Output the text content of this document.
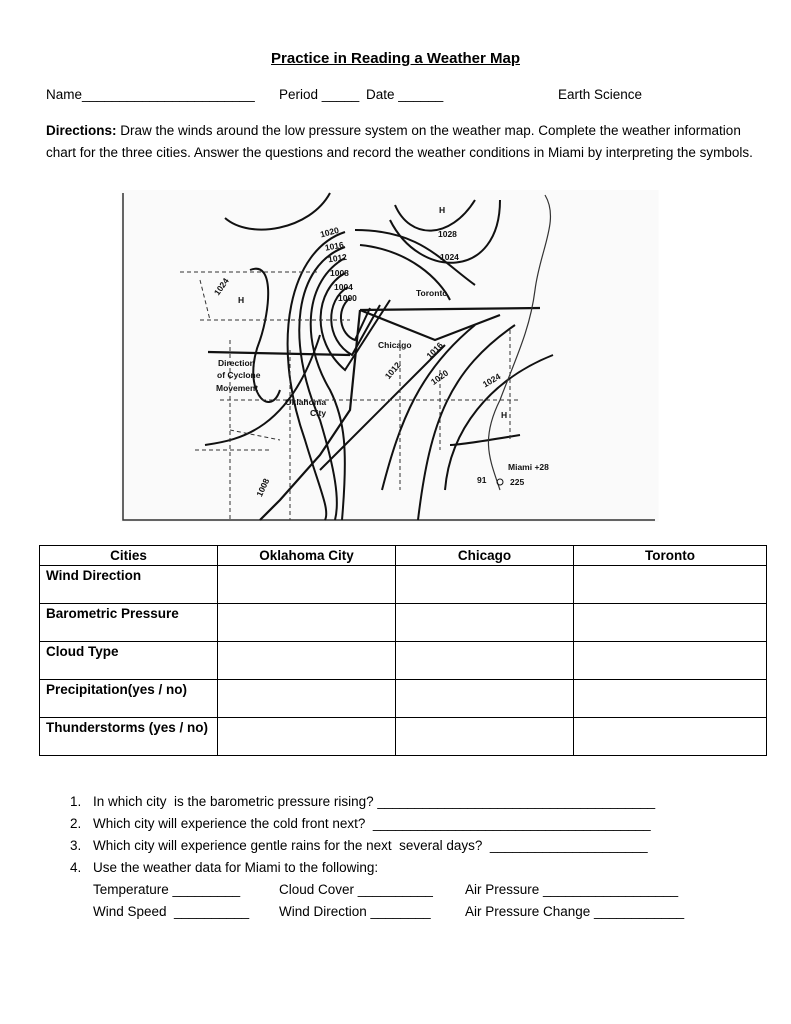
Practice in Reading a Weather Map
Name_______________________ Period _____ Date ______	Earth Science
Directions: Draw the winds around the low pressure system on the weather map. Complete the weather information chart for the three cities. Answer the questions and record the weather conditions in Miami by interpreting the symbols.
1020
1016
1012
1008
1004
1000
1028
1024
1024
1012
1016
1020	1024
1008
H
H
H
Toronto
Chicago
Oklahoma
City
Miami +28
91	225
Direction
of Cyclone
Movement
Cities	Oklahoma City	Chicago	Toronto
Wind Direction			
Barometric Pressure			
Cloud Type			
Precipitation(yes / no)			
Thunderstorms (yes / no)			
1. In which city  is the barometric pressure rising? _____________________________________
2. Which city will experience the cold front next?  _____________________________________
3. Which city will experience gentle rains for the next  several days?  _____________________
4. Use the weather data for Miami to the following:
Temperature _________	Cloud Cover __________ Air Pressure __________________
Wind Speed  __________ Wind Direction ________	Air Pressure Change ____________
